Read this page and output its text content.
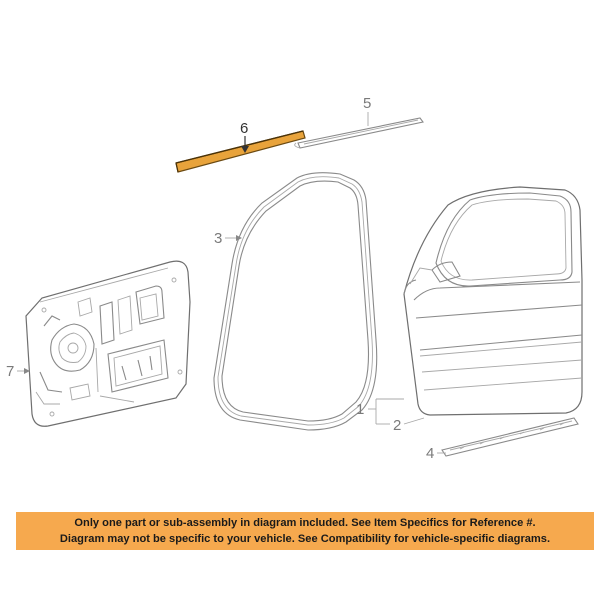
6
5
3
1
2
4
7
Only one part or sub-assembly in diagram included. See Item Specifics for Reference #.
Diagram may not be specific to your vehicle. See Compatibility for vehicle-specific diagrams.
